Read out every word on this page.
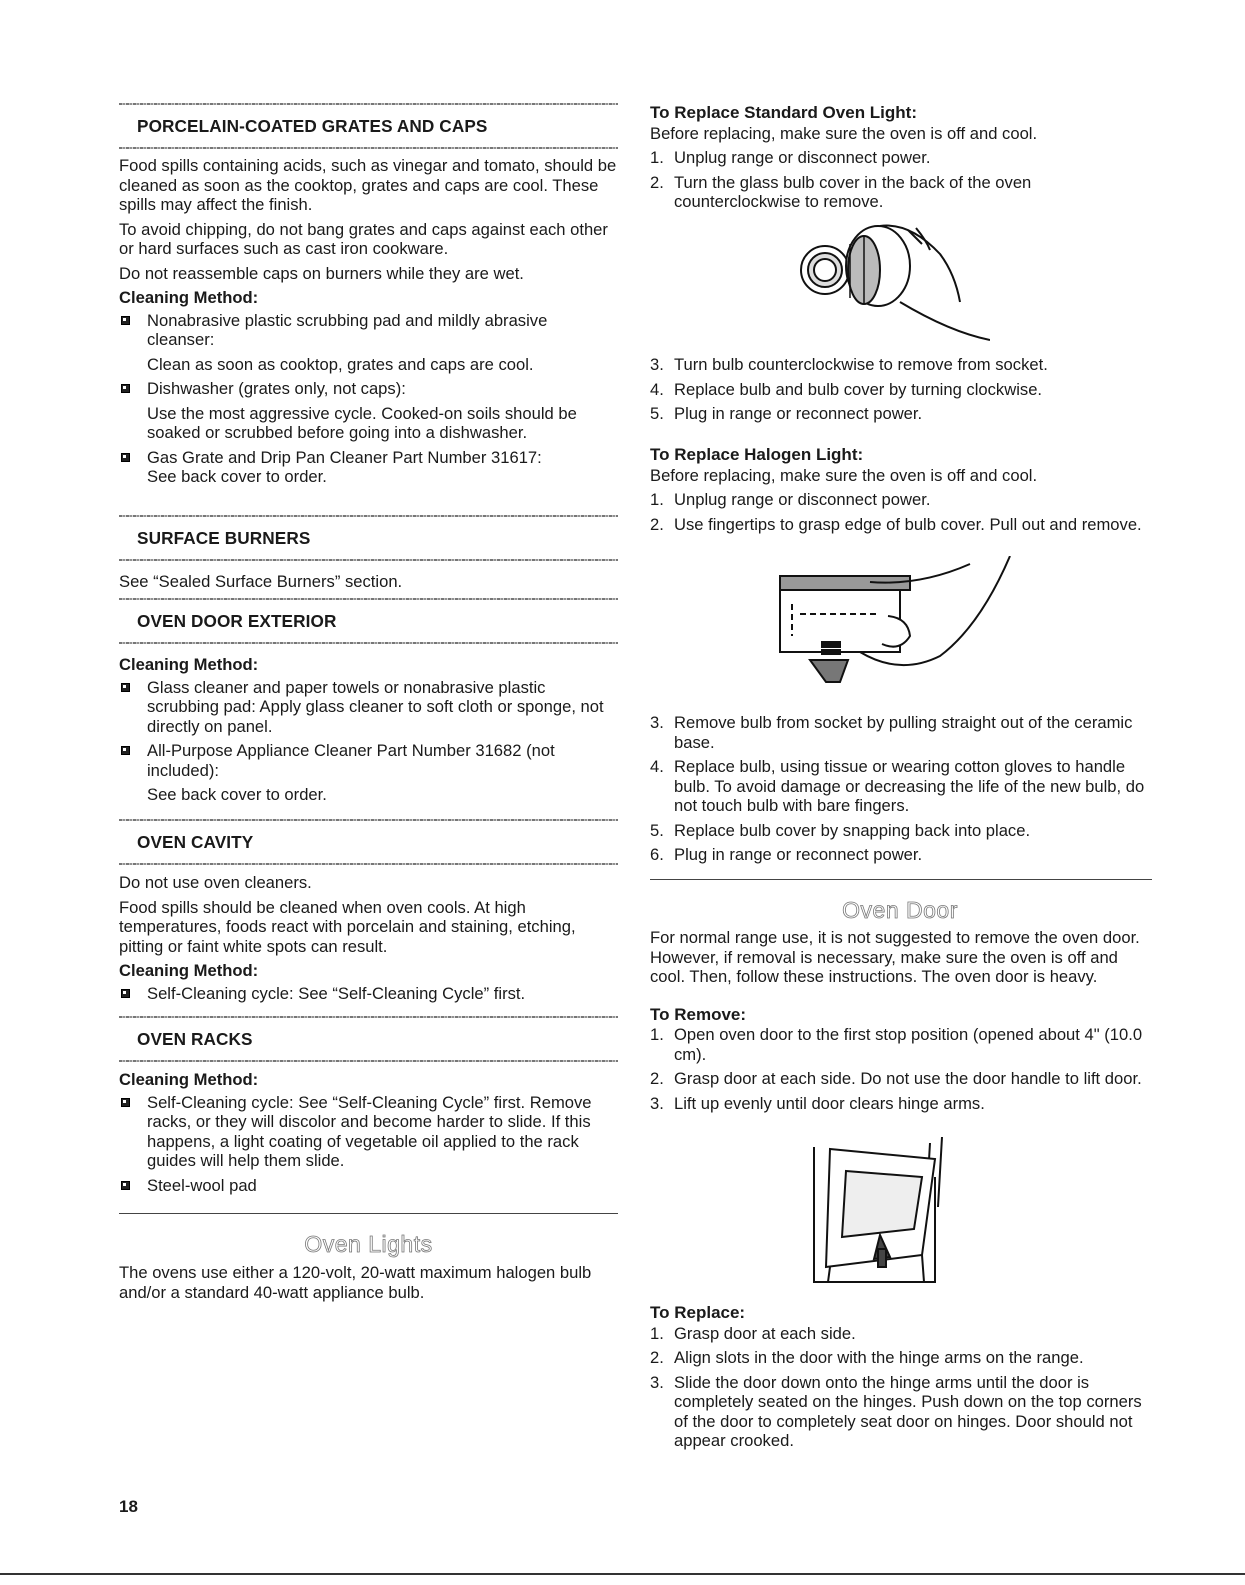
PORCELAIN-COATED GRATES AND CAPS

Food spills containing acids, such as vinegar and tomato, should be cleaned as soon as the cooktop, grates and caps are cool. These spills may affect the finish.

To avoid chipping, do not bang grates and caps against each other or hard surfaces such as cast iron cookware.

Do not reassemble caps on burners while they are wet.

Cleaning Method:

Nonabrasive plastic scrubbing pad and mildly abrasive cleanser:

Clean as soon as cooktop, grates and caps are cool.

Dishwasher (grates only, not caps):

Use the most aggressive cycle. Cooked-on soils should be soaked or scrubbed before going into a dishwasher.

Gas Grate and Drip Pan Cleaner Part Number 31617:

See back cover to order.

SURFACE BURNERS

See “Sealed Surface Burners” section.

OVEN DOOR EXTERIOR

Cleaning Method:

Glass cleaner and paper towels or nonabrasive plastic scrubbing pad: Apply glass cleaner to soft cloth or sponge, not directly on panel.
All-Purpose Appliance Cleaner Part Number 31682 (not included):

See back cover to order.

OVEN CAVITY

Do not use oven cleaners.

Food spills should be cleaned when oven cools. At high temperatures, foods react with porcelain and staining, etching, pitting or faint white spots can result.

Cleaning Method:

Self-Cleaning cycle: See “Self-Cleaning Cycle” first.
OVEN RACKS

Cleaning Method:

Self-Cleaning cycle: See “Self-Cleaning Cycle” first. Remove racks, or they will discolor and become harder to slide. If this happens, a light coating of vegetable oil applied to the rack guides will help them slide.
Steel-wool pad
Oven Lights

The ovens use either a 120-volt, 20-watt maximum halogen bulb and/or a standard 40-watt appliance bulb.

To Replace Standard Oven Light:

Before replacing, make sure the oven is off and cool.

1. Unplug range or disconnect power.
2. Turn the glass bulb cover in the back of the oven counterclockwise to remove.
3. Turn bulb counterclockwise to remove from socket.
4. Replace bulb and bulb cover by turning clockwise.
5. Plug in range or reconnect power.

To Replace Halogen Light:

Before replacing, make sure the oven is off and cool.

1. Unplug range or disconnect power.
2. Use fingertips to grasp edge of bulb cover. Pull out and remove.
3. Remove bulb from socket by pulling straight out of the ceramic base.
4. Replace bulb, using tissue or wearing cotton gloves to handle bulb. To avoid damage or decreasing the life of the new bulb, do not touch bulb with bare fingers.
5. Replace bulb cover by snapping back into place.
6. Plug in range or reconnect power.
Oven Door

For normal range use, it is not suggested to remove the oven door. However, if removal is necessary, make sure the oven is off and cool. Then, follow these instructions. The oven door is heavy.

To Remove:

1. Open oven door to the first stop position (opened about 4" (10.0 cm).
2. Grasp door at each side. Do not use the door handle to lift door.
3. Lift up evenly until door clears hinge arms.

To Replace:

1. Grasp door at each side.
2. Align slots in the door with the hinge arms on the range.
3. Slide the door down onto the hinge arms until the door is completely seated on the hinges. Push down on the top corners of the door to completely seat door on hinges. Door should not appear crooked.
18
